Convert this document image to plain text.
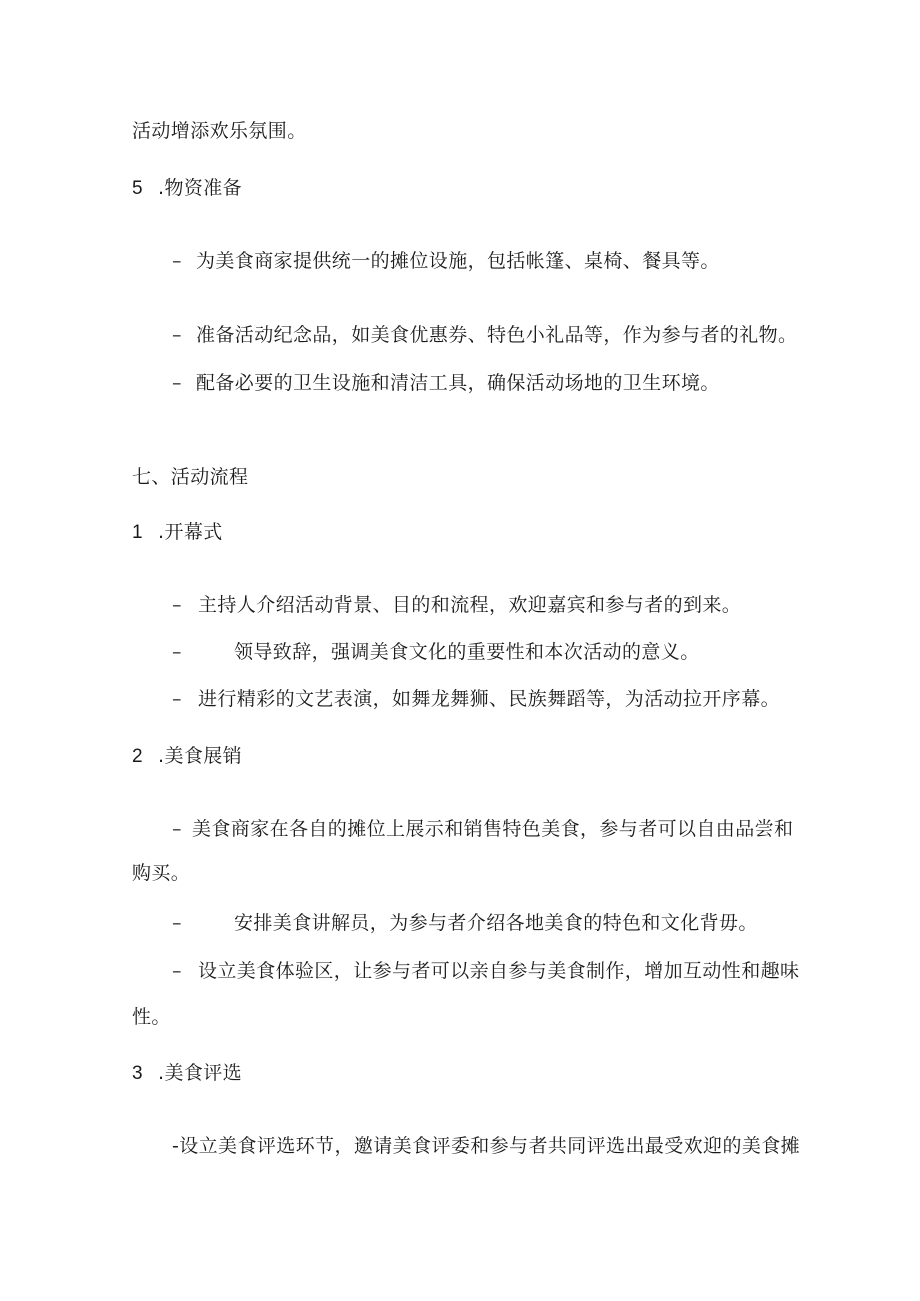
活动增添欢乐氛围。
5 .物资准备
– 为美食商家提供统一的摊位设施，包括帐篷、桌椅、餐具等。
– 准备活动纪念品，如美食优惠券、特色小礼品等，作为参与者的礼物。
– 配备必要的卫生设施和清洁工具，确保活动场地的卫生环境。
七、活动流程
1 .开幕式
– 主持人介绍活动背景、目的和流程，欢迎嘉宾和参与者的到来。
–	领导致辞，强调美食文化的重要性和本次活动的意义。
– 进行精彩的文艺表演，如舞龙舞狮、民族舞蹈等，为活动拉开序幕。
2 .美食展销
– 美食商家在各自的摊位上展示和销售特色美食，参与者可以自由品尝和
购买。
–	安排美食讲解员，为参与者介绍各地美食的特色和文化背毋。
– 设立美食体验区，让参与者可以亲自参与美食制作，增加互动性和趣味
性。
3 .美食评选
-设立美食评选环节，邀请美食评委和参与者共同评选出最受欢迎的美食摊
